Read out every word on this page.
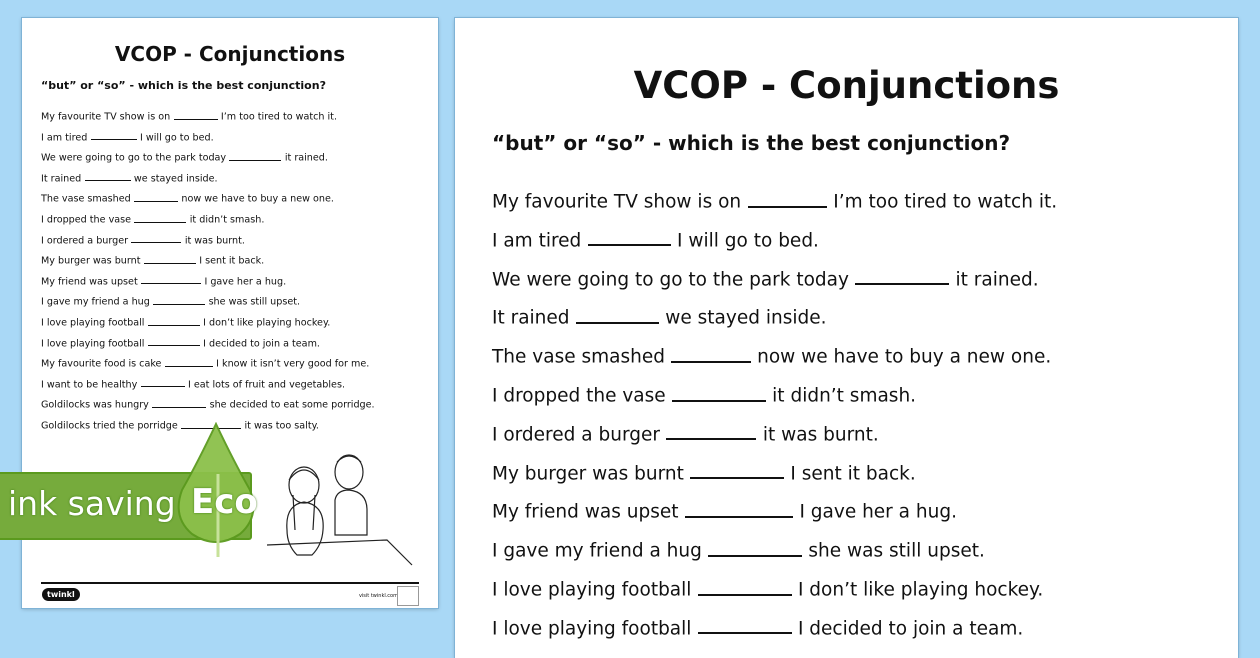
VCOP - Conjunctions
“but” or “so” - which is the best conjunction?
My favourite TV show is on	I’m too tired to watch it.
I am tired	I will go to bed.
We were going to go to the park today	it rained.
It rained	we stayed inside.
The vase smashed	now we have to buy a new one.
I dropped the vase	it didn’t smash.
I ordered a burger	it was burnt.
My burger was burnt	I sent it back.
My friend was upset	I gave her a hug.
I gave my friend a hug	she was still upset.
I love playing football	I don’t like playing hockey.
I love playing football	I decided to join a team.
My favourite food is cake	I know it isn’t very good for me.
I want to be healthy	I eat lots of fruit and vegetables.
Goldilocks was hungry	she decided to eat some porridge.
Goldilocks tried the porridge	it was too salty.
twinkl	visit twinkl.com
VCOP - Conjunctions
“but” or “so” - which is the best conjunction?
My favourite TV show is on	I’m too tired to watch it.
I am tired	I will go to bed.
We were going to go to the park today	it rained.
It rained	we stayed inside.
The vase smashed	now we have to buy a new one.
I dropped the vase	it didn’t smash.
I ordered a burger	it was burnt.
My burger was burnt	I sent it back.
My friend was upset	I gave her a hug.
I gave my friend a hug	she was still upset.
I love playing football	I don’t like playing hockey.
I love playing football	I decided to join a team.
ink saving Eco
